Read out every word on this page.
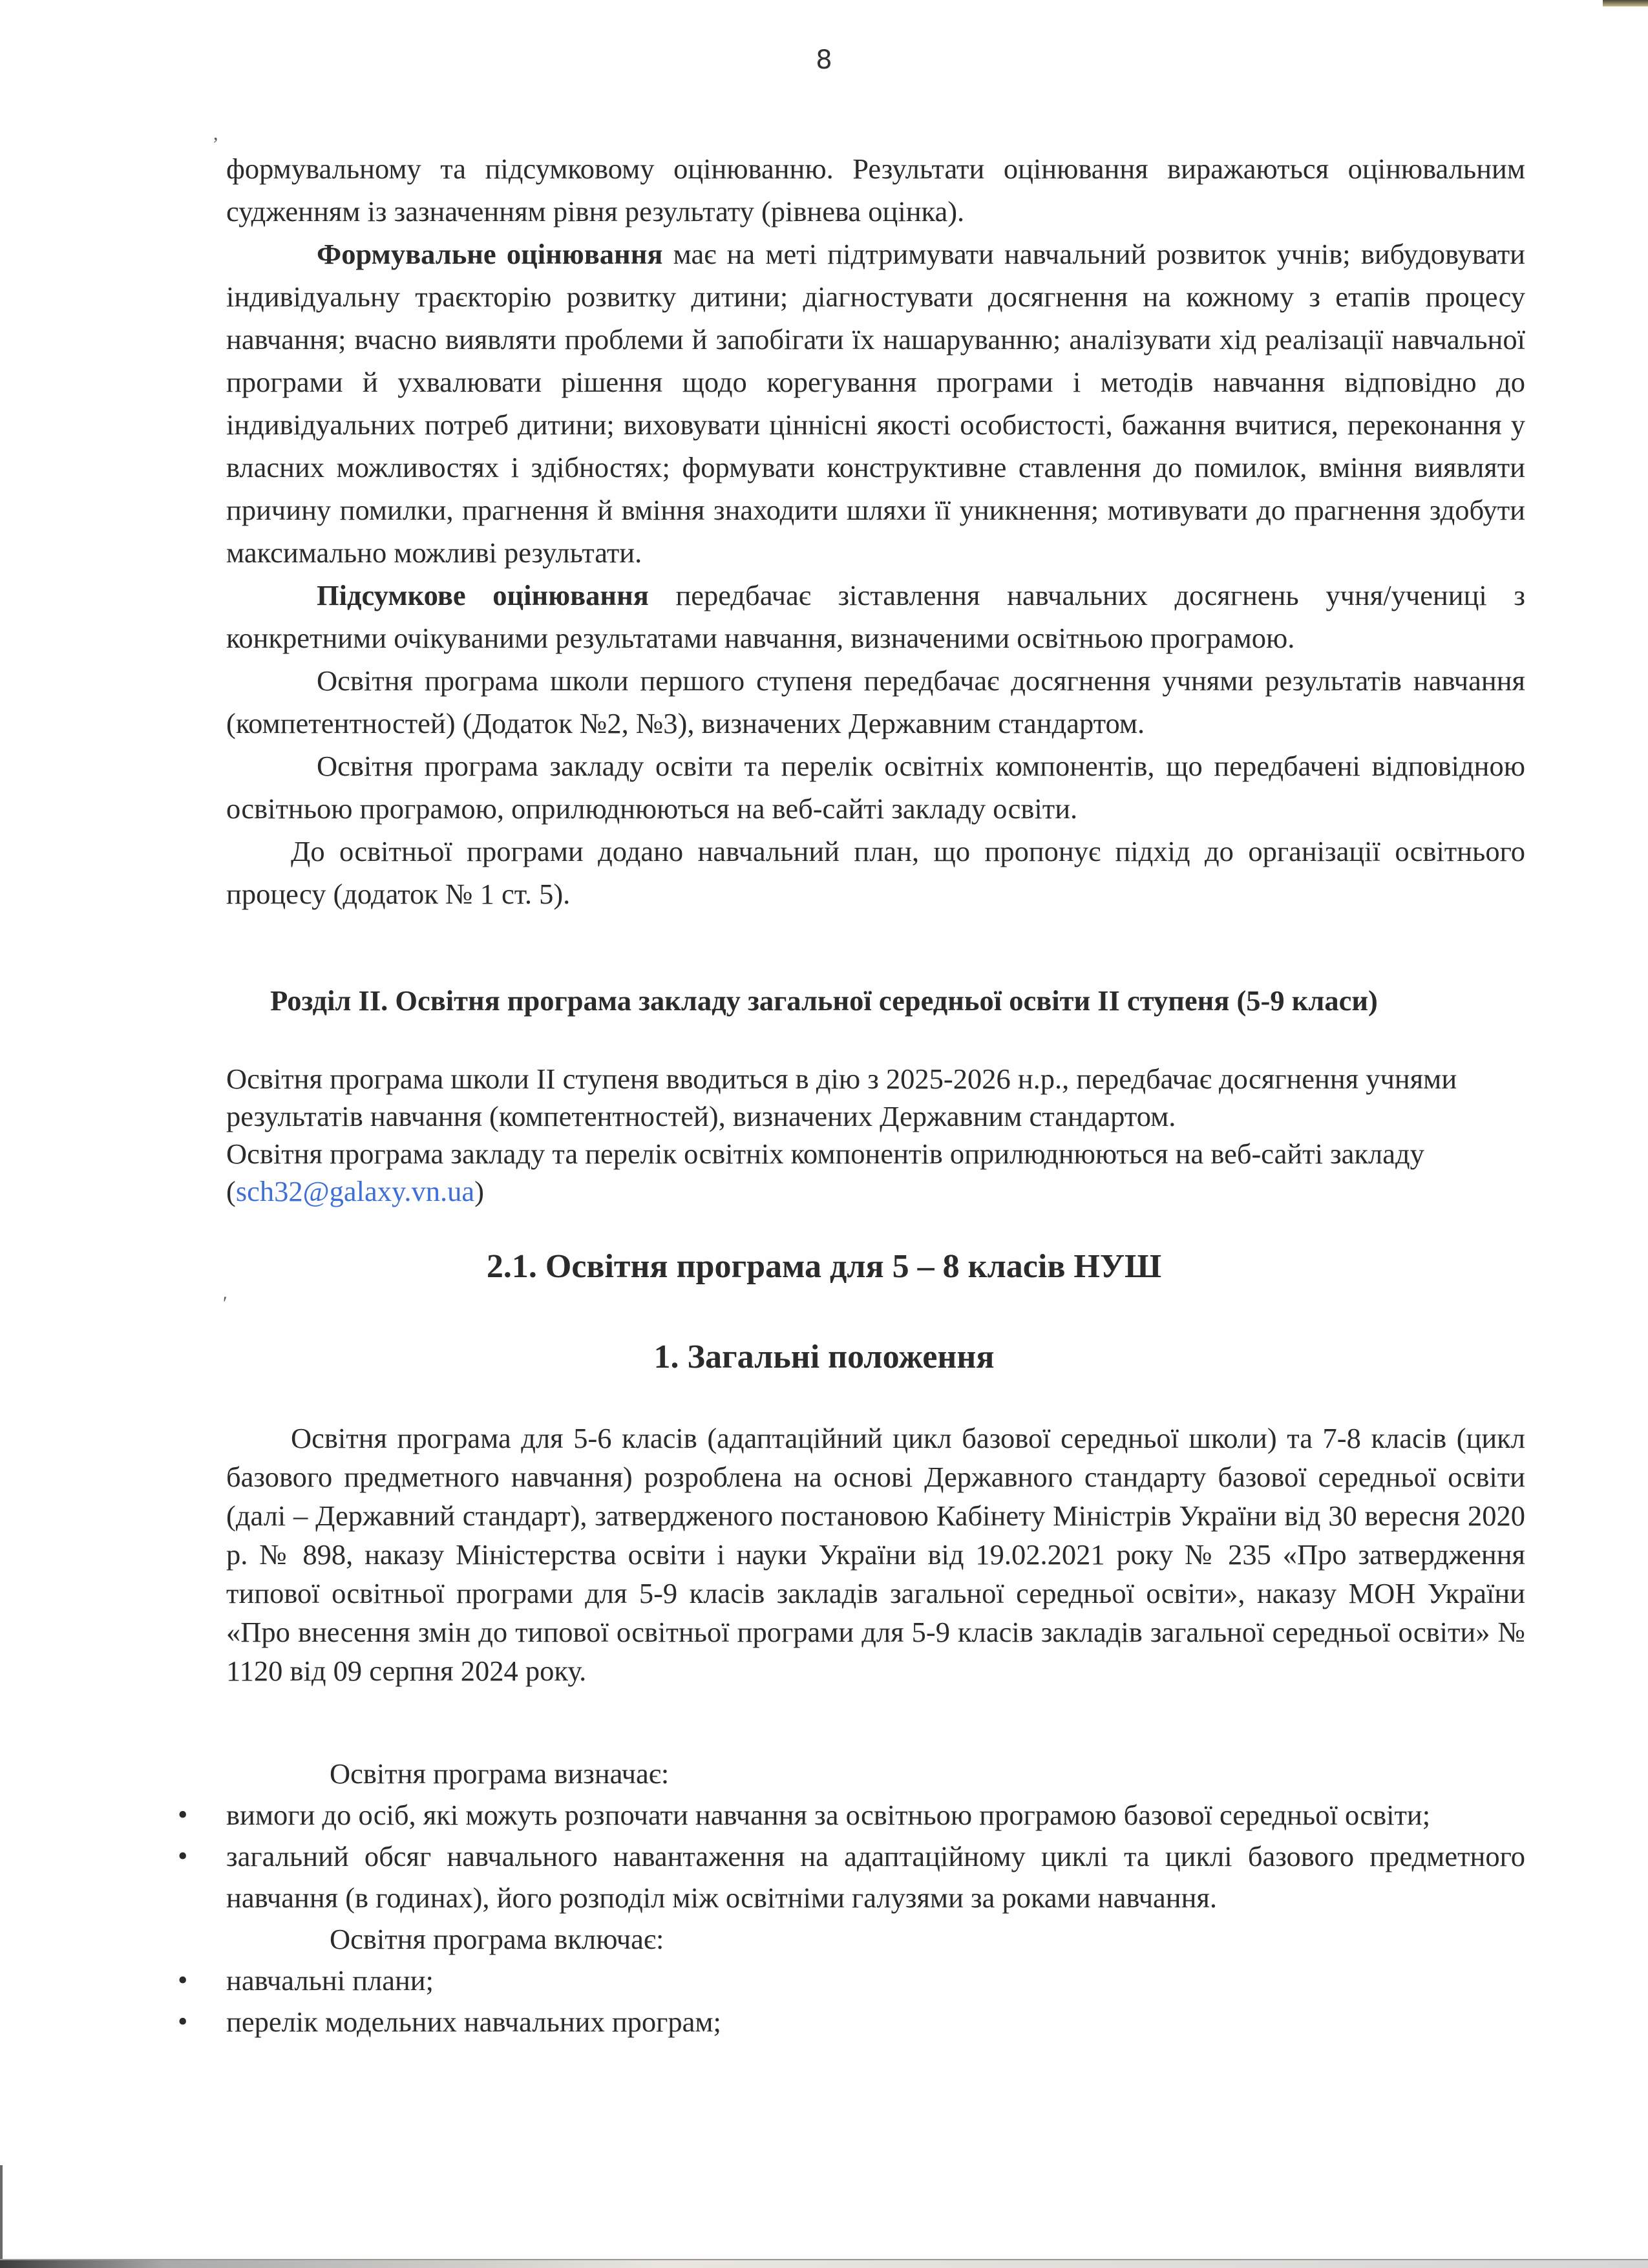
8
,

формувальному та підсумковому оцінюванню. Результати оцінювання виражаються оцінювальним судженням із зазначенням рівня результату (рівнева оцінка).

Формувальне оцінювання має на меті підтримувати навчальний розвиток учнів; вибудовувати індивідуальну траєкторію розвитку дитини; діагностувати досягнення на кожному з етапів процесу навчання; вчасно виявляти проблеми й запобігати їх нашаруванню; аналізувати хід реалізації навчальної програми й ухвалювати рішення щодо корегування програми і методів навчання відповідно до індивідуальних потреб дитини; виховувати ціннісні якості особистості, бажання вчитися, переконання у власних можливостях і здібностях; формувати конструктивне ставлення до помилок, вміння виявляти причину помилки, прагнення й вміння знаходити шляхи її уникнення; мотивувати до прагнення здобути максимально можливі результати.

Підсумкове оцінювання передбачає зіставлення навчальних досягнень учня/учениці з конкретними очікуваними результатами навчання, визначеними освітньою програмою.

Освітня програма школи першого ступеня передбачає досягнення учнями результатів навчання (компетентностей) (Додаток №2, №3), визначених Державним стандартом.

Освітня програма закладу освіти та перелік освітніх компонентів, що передбачені відповідною освітньою програмою, оприлюднюються на веб-сайті закладу освіти.

До освітньої програми додано навчальний план, що пропонує підхід до організації освітнього процесу (додаток № 1 ст. 5).

Розділ ІІ. Освітня програма закладу загальної середньої освіти ІІ ступеня (5-9 класи)

Освітня програма школи ІІ ступеня вводиться в дію з 2025-2026 н.р., передбачає досягнення учнями результатів навчання (компетентностей), визначених Державним стандартом.

Освітня програма закладу та перелік освітніх компонентів оприлюднюються на веб-сайті закладу (sch32@galaxy.vn.ua)

2.1. Освітня програма для 5 – 8 класів НУШ
ʹ
1. Загальні положення

Освітня програма для 5-6 класів (адаптаційний цикл базової середньої школи) та 7-8 класів (цикл базового предметного навчання) розроблена на основі Державного стандарту базової середньої освіти (далі – Державний стандарт), затвердженого постановою Кабінету Міністрів України від 30 вересня 2020 р. № 898, наказу Міністерства освіти і науки України від 19.02.2021 року № 235 «Про затвердження типової освітньої програми для 5-9 класів закладів загальної середньої освіти», наказу МОН України «Про внесення змін до типової освітньої програми для 5-9 класів закладів загальної середньої освіти» № 1120 від 09 серпня 2024 року.

Освітня програма визначає:

• вимоги до осіб, які можуть розпочати навчання за освітньою програмою базової середньої освіти;
• загальний обсяг навчального навантаження на адаптаційному циклі та циклі базового предметного навчання (в годинах), його розподіл між освітніми галузями за роками навчання.

Освітня програма включає:

• навчальні плани;
• перелік модельних навчальних програм;
